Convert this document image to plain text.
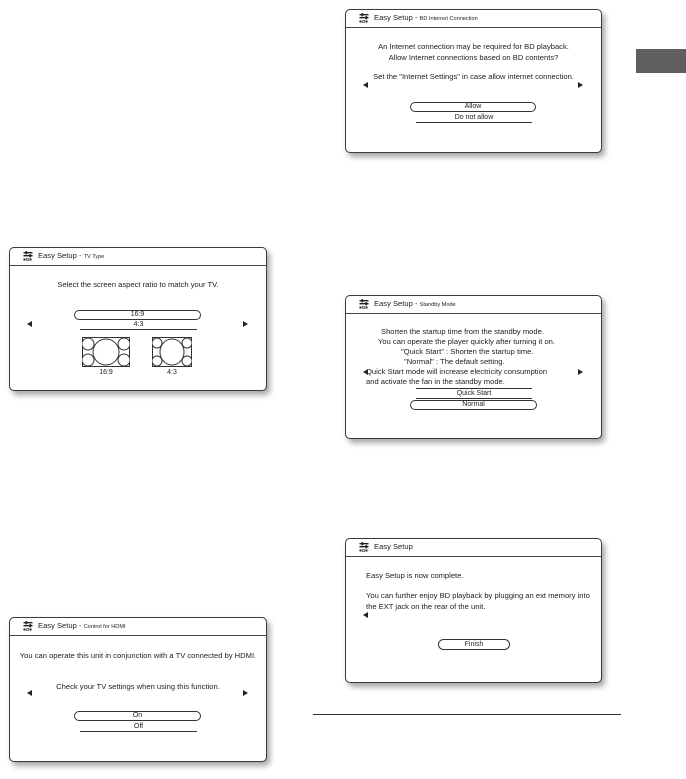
Easy Setup - BD Internet Connection
An Internet connection may be required for BD playback.
Allow Internet connections based on BD contents?
Set the "Internet Settings" in case allow internet connection.
Allow
Do not allow
Easy Setup - TV Type
Select the screen aspect ratio to match your TV.
16:9
4:3
16:9	4:3
Easy Setup - Standby Mode
Shorten the startup time from the standby mode.
You can operate the player quickly after turning it on.
"Quick Start" : Shorten the startup time.
"Normal" : The default setting.
Quick Start mode will increase electricity consumption
and activate the fan in the standby mode.
Quick Start
Normal
Easy Setup
Easy Setup is now complete.
You can further enjoy BD playback by plugging an ext memory into
the EXT jack on the rear of the unit.
Finish
Easy Setup - Control for HDMI
You can operate this unit in conjunction with a TV connected by HDMI.
Check your TV settings when using this function.
On
Off
